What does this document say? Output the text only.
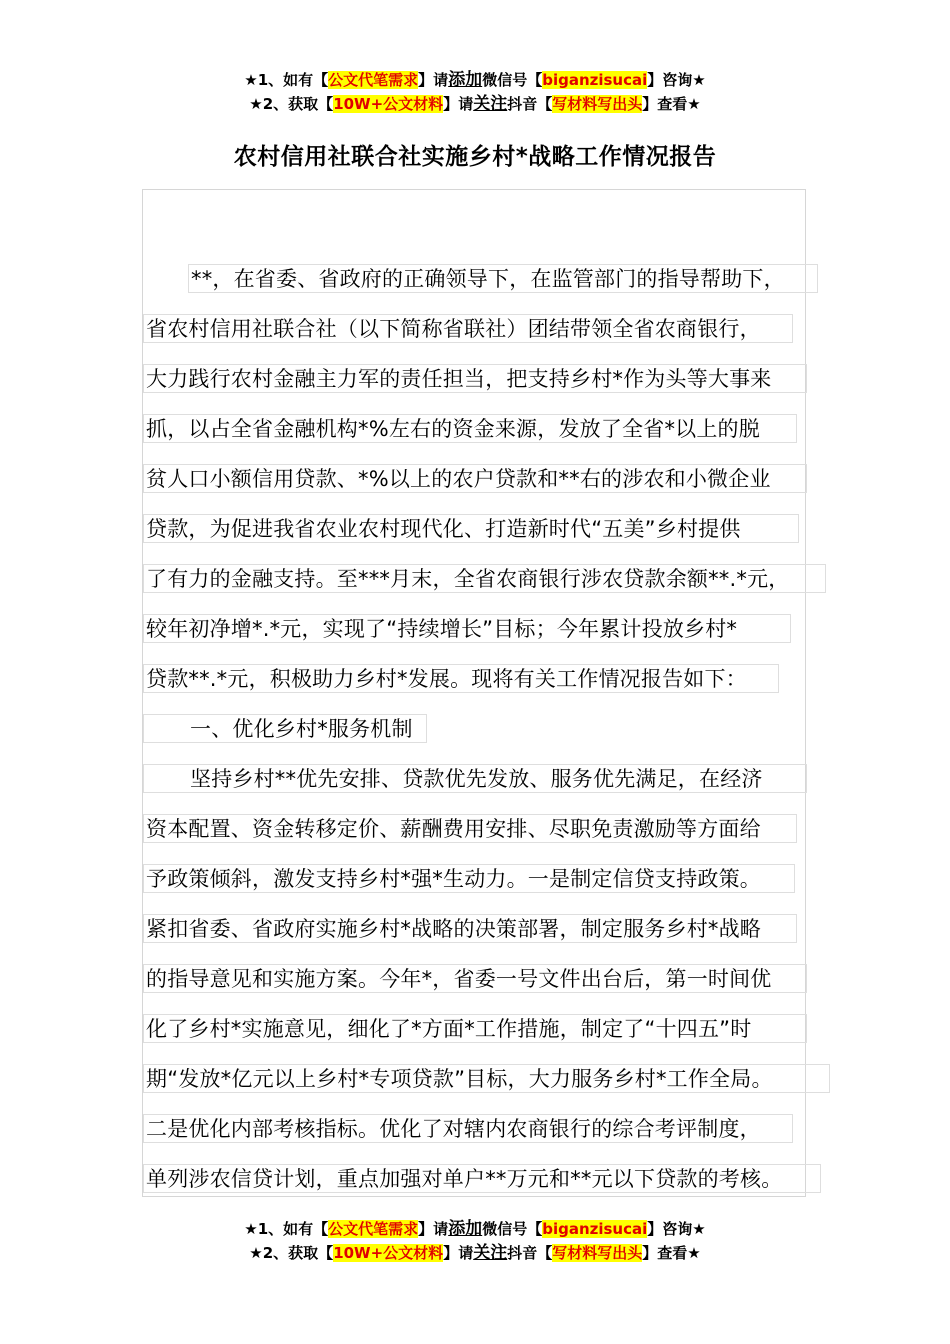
★1、如有【公文代笔需求】请添加微信号【biganzisucai】咨询★
★2、获取【10W+公文材料】请关注抖音【写材料写出头】查看★
农村信用社联合社实施乡村*战略工作情况报告
**，在省委、省政府的正确领导下，在监管部门的指导帮助下，
省农村信用社联合社（以下简称省联社）团结带领全省农商银行，
大力践行农村金融主力军的责任担当，把支持乡村*作为头等大事来
抓，以占全省金融机构*%左右的资金来源，发放了全省*以上的脱
贫人口小额信用贷款、*%以上的农户贷款和**右的涉农和小微企业
贷款，为促进我省农业农村现代化、打造新时代“五美”乡村提供
了有力的金融支持。至***月末，全省农商银行涉农贷款余额**.*元，
较年初净增*.*元，实现了“持续增长”目标；今年累计投放乡村*
贷款**.*元，积极助力乡村*发展。现将有关工作情况报告如下：
一、优化乡村*服务机制
坚持乡村**优先安排、贷款优先发放、服务优先满足，在经济
资本配置、资金转移定价、薪酬费用安排、尽职免责激励等方面给
予政策倾斜，激发支持乡村*强*生动力。一是制定信贷支持政策。
紧扣省委、省政府实施乡村*战略的决策部署，制定服务乡村*战略
的指导意见和实施方案。今年*，省委一号文件出台后，第一时间优
化了乡村*实施意见，细化了*方面*工作措施，制定了“十四五”时
期“发放*亿元以上乡村*专项贷款”目标，大力服务乡村*工作全局。
二是优化内部考核指标。优化了对辖内农商银行的综合考评制度，
单列涉农信贷计划，重点加强对单户**万元和**元以下贷款的考核。
★1、如有【公文代笔需求】请添加微信号【biganzisucai】咨询★
★2、获取【10W+公文材料】请关注抖音【写材料写出头】查看★
